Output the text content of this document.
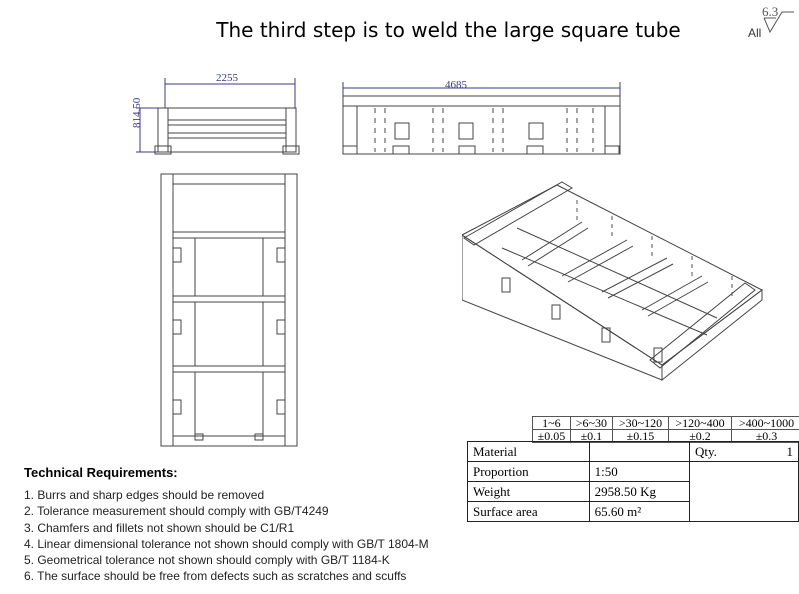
The third step is to weld the large square tube
6.3
All
2255
814.50
4685
1~6	>6~30	>30~120	>120~400	>400~1000
±0.05	±0.1	±0.15	±0.2	±0.3
Material		Qty.	1
Proportion	1:50		
Weight	2958.50 Kg		
Surface area	65.60 m²		
Technical Requirements:
1. Burrs and sharp edges should be removed
2. Tolerance measurement should comply with GB/T4249
3. Chamfers and fillets not shown should be C1/R1
4. Linear dimensional tolerance not shown should comply with GB/T 1804-M
5. Geometrical tolerance not shown should comply with GB/T 1184-K
6. The surface should be free from defects such as scratches and scuffs
